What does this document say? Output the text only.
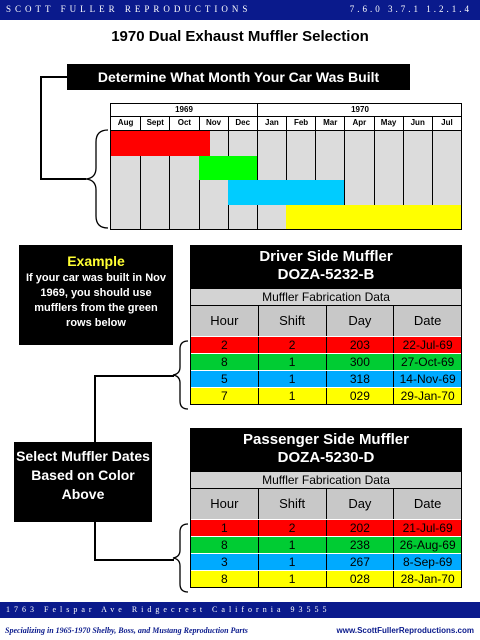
SCOTT FULLER REPRODUCTIONS	7.6.0 3.7.1 1.2.1.4
1970 Dual Exhaust Muffler Selection
Determine What Month Your Car Was Built
1969	1970
Aug	Sept	Oct	Nov	Dec	Jan	Feb	Mar	Apr	May	Jun	Jul
Example
If your car was built in Nov 1969, you should use mufflers from the green rows below
Driver Side Muffler
DOZA-5232-B
Muffler Fabrication Data
Hour	Shift	Day	Date
2	2	203	22-Jul-69
8	1	300	27-Oct-69
5	1	318	14-Nov-69
7	1	029	29-Jan-70
Passenger Side Muffler
DOZA-5230-D
Muffler Fabrication Data
Hour	Shift	Day	Date
1	2	202	21-Jul-69
8	1	238	26-Aug-69
3	1	267	8-Sep-69
8	1	028	28-Jan-70
Select Muffler Dates Based on Color Above
1763 Felspar Ave Ridgecrest California 93555
Specializing in 1965-1970 Shelby, Boss, and Mustang Reproduction Parts	www.ScottFullerReproductions.com
